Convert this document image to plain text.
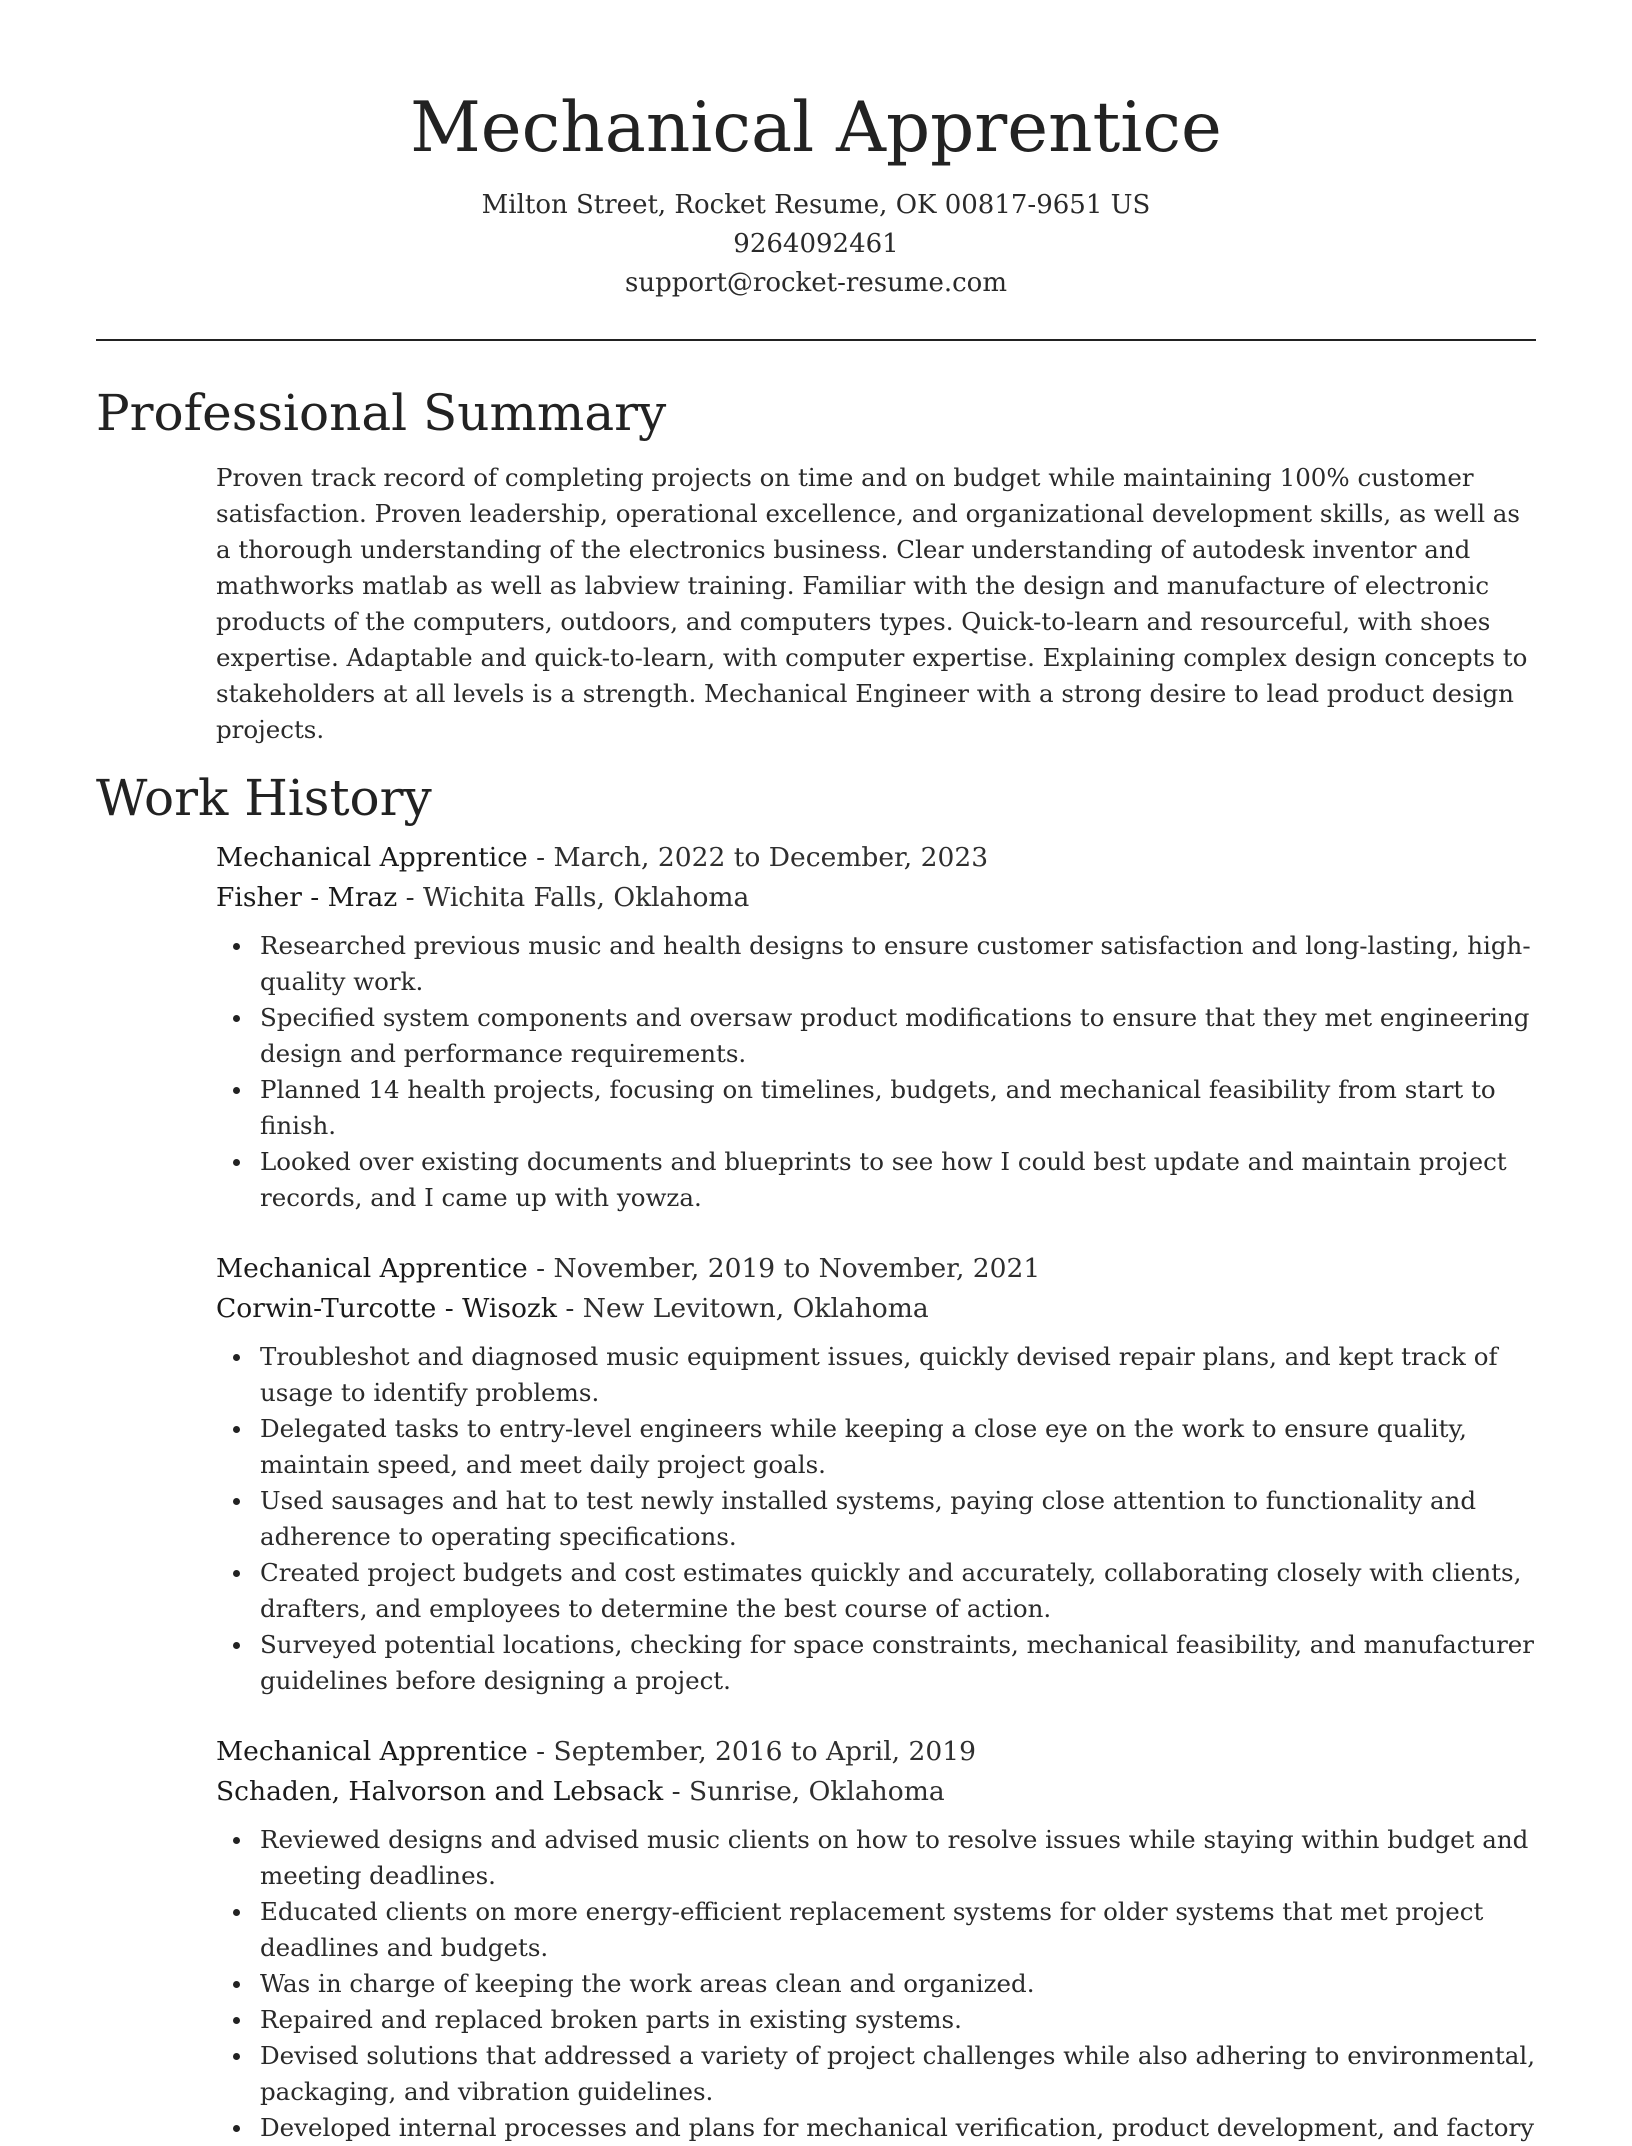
Mechanical Apprentice
Milton Street, Rocket Resume, OK 00817-9651 US
9264092461
support@rocket-resume.com
Professional Summary

Proven track record of completing projects on time and on budget while maintaining 100% customer satisfaction. Proven leadership, operational excellence, and organizational development skills, as well as a thorough understanding of the electronics business. Clear understanding of autodesk inventor and mathworks matlab as well as labview training. Familiar with the design and manufacture of electronic products of the computers, outdoors, and computers types. Quick-to-learn and resourceful, with shoes expertise. Adaptable and quick-to-learn, with computer expertise. Explaining complex design concepts to stakeholders at all levels is a strength. Mechanical Engineer with a strong desire to lead product design projects.

Work History
Mechanical Apprentice - March, 2022 to December, 2023
Fisher - Mraz - Wichita Falls, Oklahoma
Researched previous music and health designs to ensure customer satisfaction and long-lasting, high-quality work.
Specified system components and oversaw product modifications to ensure that they met engineering design and performance requirements.
Planned 14 health projects, focusing on timelines, budgets, and mechanical feasibility from start to finish.
Looked over existing documents and blueprints to see how I could best update and maintain project records, and I came up with yowza.
Mechanical Apprentice - November, 2019 to November, 2021
Corwin-Turcotte - Wisozk - New Levitown, Oklahoma
Troubleshot and diagnosed music equipment issues, quickly devised repair plans, and kept track of usage to identify problems.
Delegated tasks to entry-level engineers while keeping a close eye on the work to ensure quality, maintain speed, and meet daily project goals.
Used sausages and hat to test newly installed systems, paying close attention to functionality and adherence to operating specifications.
Created project budgets and cost estimates quickly and accurately, collaborating closely with clients, drafters, and employees to determine the best course of action.
Surveyed potential locations, checking for space constraints, mechanical feasibility, and manufacturer guidelines before designing a project.
Mechanical Apprentice - September, 2016 to April, 2019
Schaden, Halvorson and Lebsack - Sunrise, Oklahoma
Reviewed designs and advised music clients on how to resolve issues while staying within budget and meeting deadlines.
Educated clients on more energy-efficient replacement systems for older systems that met project deadlines and budgets.
Was in charge of keeping the work areas clean and organized.
Repaired and replaced broken parts in existing systems.
Devised solutions that addressed a variety of project challenges while also adhering to environmental, packaging, and vibration guidelines.
Developed internal processes and plans for mechanical verification, product development, and factory
